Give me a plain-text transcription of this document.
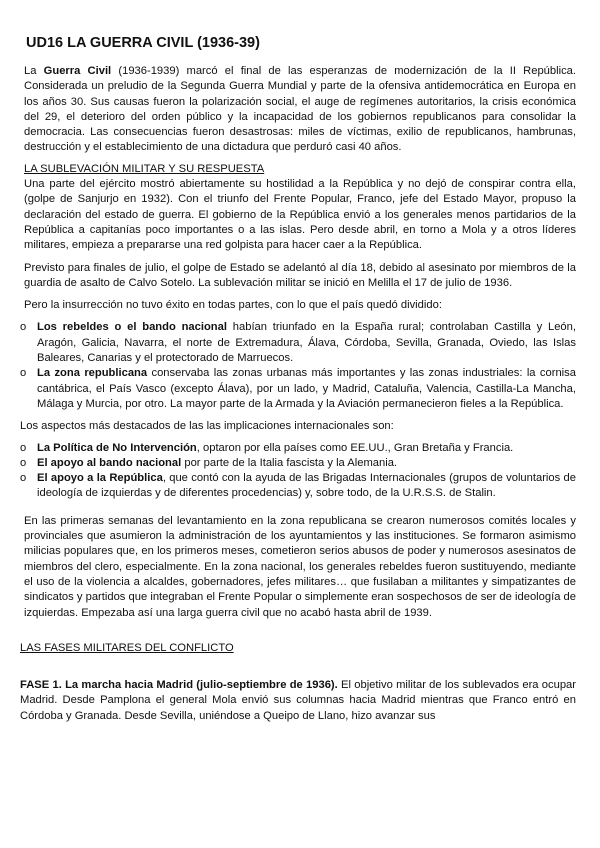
UD16 LA GUERRA CIVIL (1936-39)

La Guerra Civil (1936-1939) marcó el final de las esperanzas de modernización de la II República. Considerada un preludio de la Segunda Guerra Mundial y parte de la ofensiva antidemocrática en Europa en los años 30. Sus causas fueron la polarización social, el auge de regímenes autoritarios, la crisis económica del 29, el deterioro del orden público y la incapacidad de los gobiernos republicanos para consolidar la democracia. Las consecuencias fueron desastrosas: miles de víctimas, exilio de republicanos, hambrunas, destrucción y el establecimiento de una dictadura que perduró casi 40 años.

LA SUBLEVACIÓN MILITAR Y SU RESPUESTA

Una parte del ejército mostró abiertamente su hostilidad a la República y no dejó de conspirar contra ella, (golpe de Sanjurjo en 1932). Con el triunfo del Frente Popular, Franco, jefe del Estado Mayor, propuso la declaración del estado de guerra. El gobierno de la República envió a los generales menos partidarios de la República a capitanías poco importantes o a las islas. Pero desde abril, en torno a Mola y a otros líderes militares, empieza a prepararse una red golpista para hacer caer a la República.

Previsto para finales de julio, el golpe de Estado se adelantó al día 18, debido al asesinato por miembros de la guardia de asalto de Calvo Sotelo. La sublevación militar se inició en Melilla el 17 de julio de 1936.

Pero la insurrección no tuvo éxito en todas partes, con lo que el país quedó dividido:

o Los rebeldes o el bando nacional habían triunfado en la España rural; controlaban Castilla y León, Aragón, Galicia, Navarra, el norte de Extremadura, Álava, Córdoba, Sevilla, Granada, Oviedo, las Islas Baleares, Canarias y el protectorado de Marruecos.
o La zona republicana conservaba las zonas urbanas más importantes y las zonas industriales: la cornisa cantábrica, el País Vasco (excepto Álava), por un lado, y Madrid, Cataluña, Valencia, Castilla-La Mancha, Málaga y Murcia, por otro. La mayor parte de la Armada y la Aviación permanecieron fieles a la República.

Los aspectos más destacados de las las implicaciones internacionales son:

o La Política de No Intervención, optaron por ella países como EE.UU., Gran Bretaña y Francia.
o El apoyo al bando nacional por parte de la Italia fascista y la Alemania.
o El apoyo a la República, que contó con la ayuda de las Brigadas Internacionales (grupos de voluntarios de ideología de izquierdas y de diferentes procedencias) y, sobre todo, de la U.R.S.S. de Stalin.

En las primeras semanas del levantamiento en la zona republicana se crearon numerosos comités locales y provinciales que asumieron la administración de los ayuntamientos y las instituciones. Se formaron asimismo milicias populares que, en los primeros meses, cometieron serios abusos de poder y numerosos asesinatos de miembros del clero, especialmente. En la zona nacional, los generales rebeldes fueron sustituyendo, mediante el uso de la violencia a alcaldes, gobernadores, jefes militares… que fusilaban a militantes y simpatizantes de sindicatos y partidos que integraban el Frente Popular o simplemente eran sospechosos de ser de ideología de izquierdas. Empezaba así una larga guerra civil que no acabó hasta abril de 1939.

LAS FASES MILITARES DEL CONFLICTO

FASE 1. La marcha hacia Madrid (julio-septiembre de 1936). El objetivo militar de los sublevados era ocupar Madrid. Desde Pamplona el general Mola envió sus columnas hacia Madrid mientras que Franco entró en Córdoba y Granada. Desde Sevilla, uniéndose a Queipo de Llano, hizo avanzar sus
